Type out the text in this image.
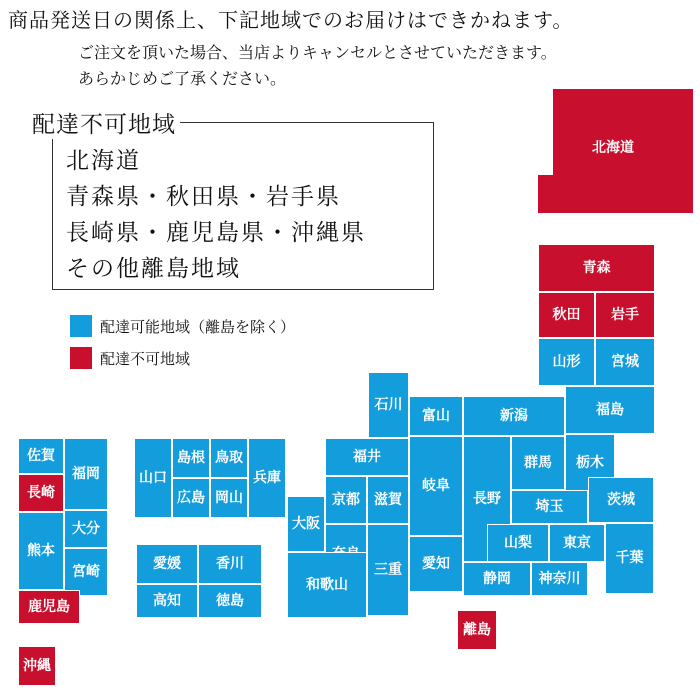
商品発送日の関係上、下記地域でのお届けはできかねます。
ご注文を頂いた場合、当店よりキャンセルとさせていただきます。
あらかじめご了承ください。
配達不可地域
北海道
青森県・秋田県・岩手県
長崎県・鹿児島県・沖縄県
その他離島地域
配達可能地域（離島を除く）
配達不可地域
北海道
青森
秋田 岩手
山形 宮城
福島
新潟
石川
富山
群馬 栃木
茨城
埼玉
長野
岐阜
福井
京都 滋賀
大阪
三重 愛知
山梨 東京
千葉
静岡 神奈川
和歌山
兵庫
鳥取
島根
岡山
広島
山口
愛媛	香川
高知	徳島
佐賀
福岡
長崎
大分
熊本
宮崎
鹿児島
沖縄
離島
